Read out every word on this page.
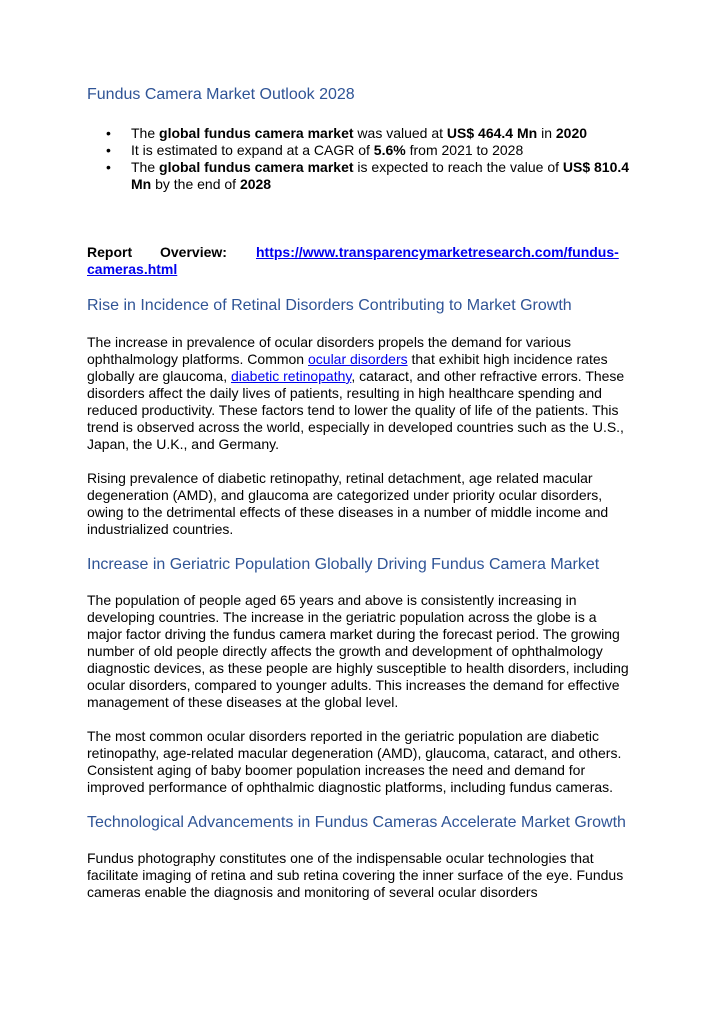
Fundus Camera Market Outlook 2028
• The global fundus camera market was valued at US$ 464.4 Mn in 2020
• It is estimated to expand at a CAGR of 5.6% from 2021 to 2028
• The global fundus camera market is expected to reach the value of US$ 810.4 Mn by the end of 2028
Report Overview: https://www.transparencymarketresearch.com/fundus-cameras.html
Rise in Incidence of Retinal Disorders Contributing to Market Growth

The increase in prevalence of ocular disorders propels the demand for various ophthalmology platforms. Common ocular disorders that exhibit high incidence rates globally are glaucoma, diabetic retinopathy, cataract, and other refractive errors. These disorders affect the daily lives of patients, resulting in high healthcare spending and reduced productivity. These factors tend to lower the quality of life of the patients. This trend is observed across the world, especially in developed countries such as the U.S., Japan, the U.K., and Germany.

Rising prevalence of diabetic retinopathy, retinal detachment, age related macular degeneration (AMD), and glaucoma are categorized under priority ocular disorders, owing to the detrimental effects of these diseases in a number of middle income and industrialized countries.

Increase in Geriatric Population Globally Driving Fundus Camera Market

The population of people aged 65 years and above is consistently increasing in developing countries. The increase in the geriatric population across the globe is a major factor driving the fundus camera market during the forecast period. The growing number of old people directly affects the growth and development of ophthalmology diagnostic devices, as these people are highly susceptible to health disorders, including ocular disorders, compared to younger adults. This increases the demand for effective management of these diseases at the global level.

The most common ocular disorders reported in the geriatric population are diabetic retinopathy, age-related macular degeneration (AMD), glaucoma, cataract, and others. Consistent aging of baby boomer population increases the need and demand for improved performance of ophthalmic diagnostic platforms, including fundus cameras.

Technological Advancements in Fundus Cameras Accelerate Market Growth

Fundus photography constitutes one of the indispensable ocular technologies that facilitate imaging of retina and sub retina covering the inner surface of the eye. Fundus cameras enable the diagnosis and monitoring of several ocular disorders
